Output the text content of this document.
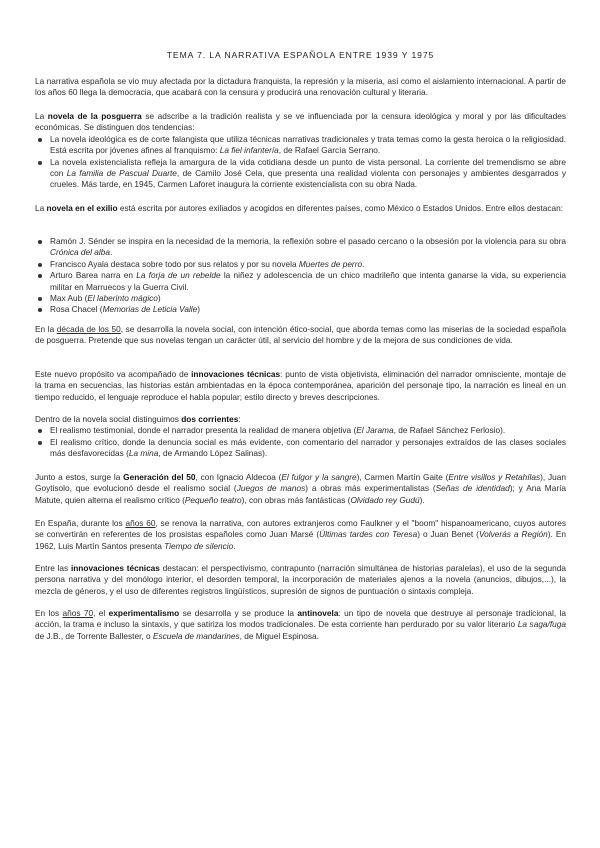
TEMA 7. LA NARRATIVA ESPAÑOLA ENTRE 1939 Y 1975

La narrativa española se vio muy afectada por la dictadura franquista, la represión y la miseria, así como el aislamiento internacional. A partir de los años 60 llega la democracia, que acabará con la censura y producirá una renovación cultural y literaria.

La novela de la posguerra se adscribe a la tradición realista y se ve influenciada por la censura ideológica y moral y por las dificultades económicas. Se distinguen dos tendencias:
La novela ideológica es de corte falangista que utiliza técnicas narrativas tradicionales y trata temas como la gesta heroica o la religiosidad. Está escrita por jóvenes afines al franquismo: La fiel infantería, de Rafael García Serrano.
La novela existencialista refleja la amargura de la vida cotidiana desde un punto de vista personal. La corriente del tremendismo se abre con La familia de Pascual Duarte, de Camilo José Cela, que presenta una realidad violenta con personajes y ambientes desgarrados y crueles. Más tarde, en 1945, Carmen Laforet inaugura la corriente existencialista con su obra Nada.
La novela en el exilio está escrita por autores exiliados y acogidos en diferentes países, como México o Estados Unidos. Entre ellos destacan:
Ramón J. Sénder se inspira en la necesidad de la memoria, la reflexión sobre el pasado cercano o la obsesión por la violencia para su obra Crónica del alba.
Francisco Ayala destaca sobre todo por sus relatos y por su novela Muertes de perro.
Arturo Barea narra en La forja de un rebelde la niñez y adolescencia de un chico madrileño que intenta ganarse la vida, su experiencia militar en Marruecos y la Guerra Civil.
Max Aub (El laberinto mágico)
Rosa Chacel (Memorias de Leticia Valle)
En la década de los 50, se desarrolla la novela social, con intención ético-social, que aborda temas como las miserias de la sociedad española de posguerra. Pretende que sus novelas tengan un carácter útil, al servicio del hombre y de la mejora de sus condiciones de vida.
Este nuevo propósito va acompañado de innovaciones técnicas: punto de vista objetivista, eliminación del narrador omnisciente, montaje de la trama en secuencias, las historias están ambientadas en la época contemporánea, aparición del personaje tipo, la narración es lineal en un tiempo reducido, el lenguaje reproduce el habla popular; estilo directo y breves descripciones.
Dentro de la novela social distinguimos dos corrientes:
El realismo testimonial, donde el narrador presenta la realidad de manera objetiva (El Jarama, de Rafael Sánchez Ferlosio).
El realismo crítico, donde la denuncia social es más evidente, con comentario del narrador y personajes extraídos de las clases sociales más desfavorecidas (La mina, de Armando López Salinas).
Junto a estos, surge la Generación del 50, con Ignacio Aldecoa (El fulgor y la sangre), Carmen Martín Gaite (Entre visillos y Retahílas), Juan Goytisolo, que evolucionó desde el realismo social (Juegos de manos) a obras más experimentalistas (Señas de identidad); y Ana María Matute, quien alterna el realismo crítico (Pequeño teatro), con obras más fantásticas (Olvidado rey Gudú).
En España, durante los años 60, se renova la narrativa, con autores extranjeros como Faulkner y el "boom" hispanoamericano, cuyos autores se convertirán en referentes de los prosistas españoles como Juan Marsé (Últimas tardes con Teresa) o Juan Benet (Volverás a Región). En 1962, Luis Martín Santos presenta Tiempo de silencio.
Entre las innovaciones técnicas destacan: el perspectivismo, contrapunto (narración simultánea de historias paralelas), el uso de la segunda persona narrativa y del monólogo interior, el desorden temporal, la incorporación de materiales ajenos a la novela (anuncios, dibujos,...), la mezcla de géneros, y el uso de diferentes registros lingüísticos, supresión de signos de puntuación o sintaxis compleja.
En los años 70, el experimentalismo se desarrolla y se produce la antinovela: un tipo de novela que destruye al personaje tradicional, la acción, la trama e incluso la sintaxis, y que satiriza los modos tradicionales. De esta corriente han perdurado por su valor literario La saga/fuga de J.B., de Torrente Ballester, o Escuela de mandarines, de Miguel Espinosa.
